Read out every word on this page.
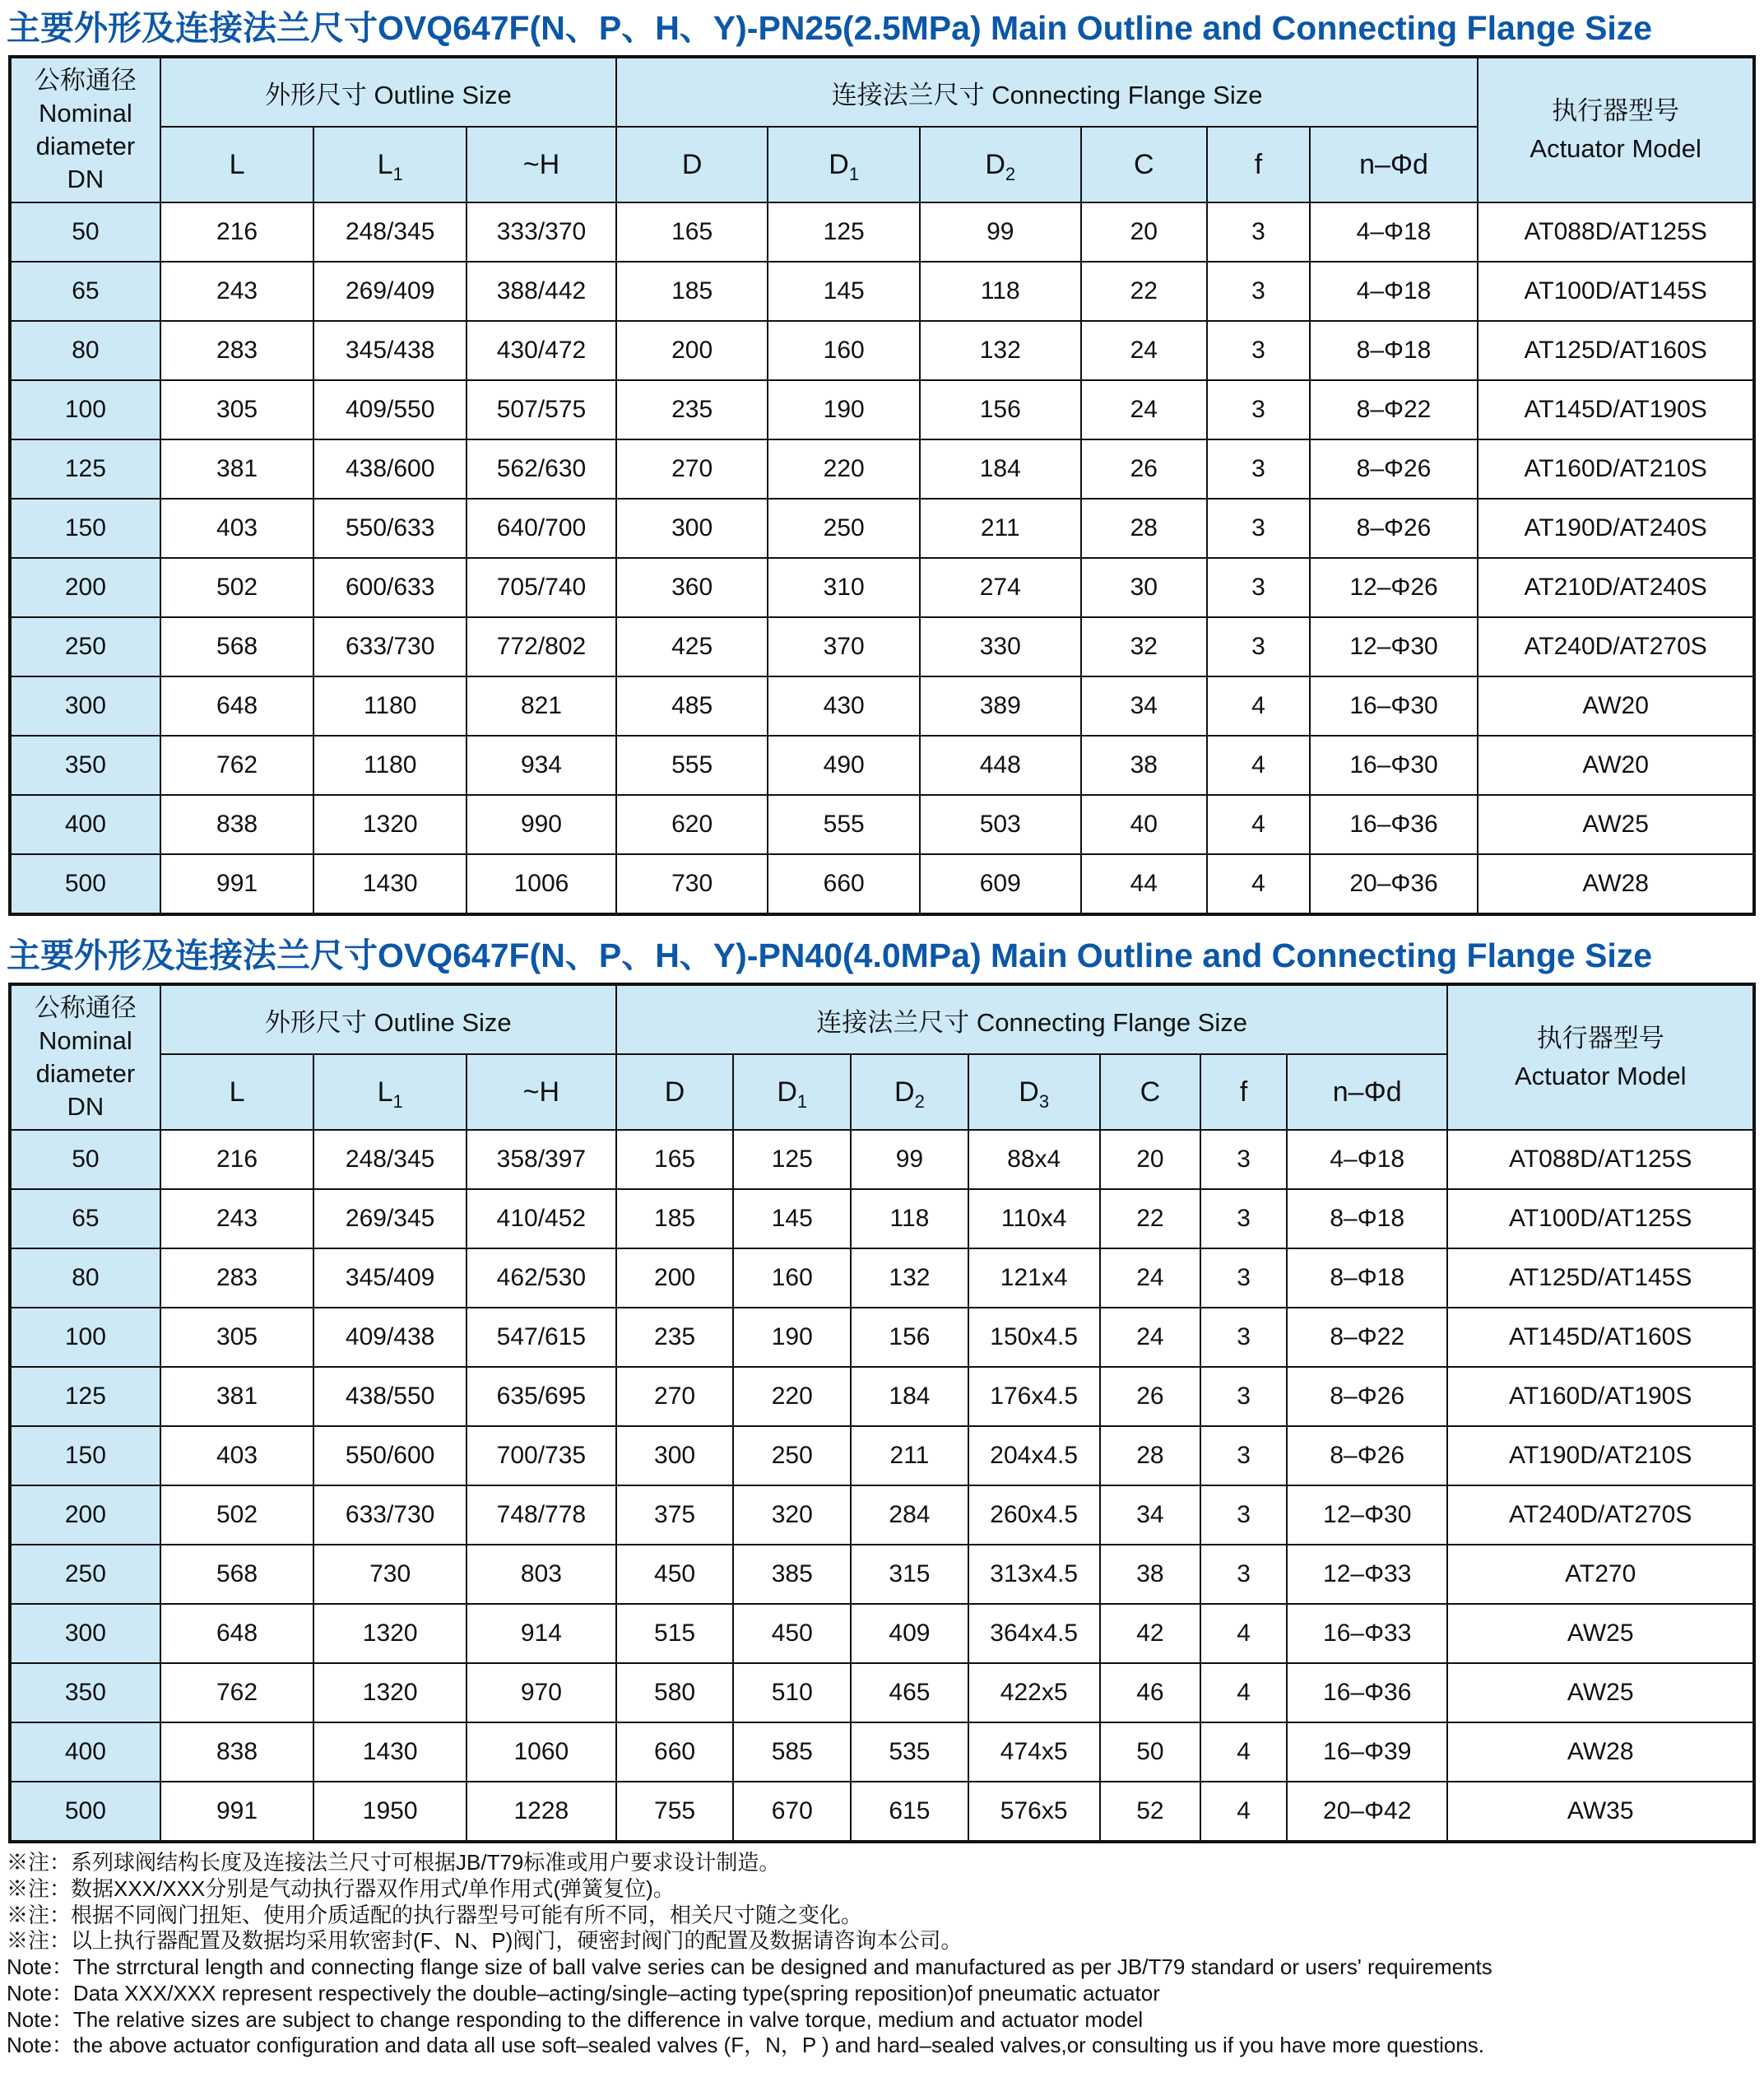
主要外形及连接法兰尺寸OVQ647F(N、P、H、Y)-PN25(2.5MPa) Main Outline and Connecting Flange Size
公称通径
Nominal
diameter
DN	外形尺寸 Outline Size			连接法兰尺寸 Connecting Flange Size						执行器型号
Actuator Model
	L	$L_1$	~H	D	$D_1$	$D_2$	C	f	n–Φd	
50	216	248/345	333/370	165	125	99	20	3	4–Φ18	AT088D/AT125S
65	243	269/409	388/442	185	145	118	22	3	4–Φ18	AT100D/AT145S
80	283	345/438	430/472	200	160	132	24	3	8–Φ18	AT125D/AT160S
100	305	409/550	507/575	235	190	156	24	3	8–Φ22	AT145D/AT190S
125	381	438/600	562/630	270	220	184	26	3	8–Φ26	AT160D/AT210S
150	403	550/633	640/700	300	250	211	28	3	8–Φ26	AT190D/AT240S
200	502	600/633	705/740	360	310	274	30	3	12–Φ26	AT210D/AT240S
250	568	633/730	772/802	425	370	330	32	3	12–Φ30	AT240D/AT270S
300	648	1180	821	485	430	389	34	4	16–Φ30	AW20
350	762	1180	934	555	490	448	38	4	16–Φ30	AW20
400	838	1320	990	620	555	503	40	4	16–Φ36	AW25
500	991	1430	1006	730	660	609	44	4	20–Φ36	AW28
主要外形及连接法兰尺寸OVQ647F(N、P、H、Y)-PN40(4.0MPa) Main Outline and Connecting Flange Size
公称通径
Nominal
diameter
DN	外形尺寸 Outline Size			连接法兰尺寸 Connecting Flange Size							执行器型号
Actuator Model
	L	$L_1$	~H	D	$D_1$	$D_2$	$D_3$	C	f	n–Φd	
50	216	248/345	358/397	165	125	99	88x4	20	3	4–Φ18	AT088D/AT125S
65	243	269/345	410/452	185	145	118	110x4	22	3	8–Φ18	AT100D/AT125S
80	283	345/409	462/530	200	160	132	121x4	24	3	8–Φ18	AT125D/AT145S
100	305	409/438	547/615	235	190	156	150x4.5	24	3	8–Φ22	AT145D/AT160S
125	381	438/550	635/695	270	220	184	176x4.5	26	3	8–Φ26	AT160D/AT190S
150	403	550/600	700/735	300	250	211	204x4.5	28	3	8–Φ26	AT190D/AT210S
200	502	633/730	748/778	375	320	284	260x4.5	34	3	12–Φ30	AT240D/AT270S
250	568	730	803	450	385	315	313x4.5	38	3	12–Φ33	AT270
300	648	1320	914	515	450	409	364x4.5	42	4	16–Φ33	AW25
350	762	1320	970	580	510	465	422x5	46	4	16–Φ36	AW25
400	838	1430	1060	660	585	535	474x5	50	4	16–Φ39	AW28
500	991	1950	1228	755	670	615	576x5	52	4	20–Φ42	AW35
※注：系列球阀结构长度及连接法兰尺寸可根据JB/T79标准或用户要求设计制造。
※注：数据XXX/XXX分别是气动执行器双作用式/单作用式(弹簧复位)。
※注：根据不同阀门扭矩、使用介质适配的执行器型号可能有所不同，相关尺寸随之变化。
※注：以上执行器配置及数据均采用软密封(F、N、P)阀门，硬密封阀门的配置及数据请咨询本公司。
Note：The strrctural length and connecting flange size of ball valve series can be designed and manufactured as per JB/T79 standard or users' requirements
Note：Data XXX/XXX represent respectively the double–acting/single–acting type(spring reposition)of pneumatic actuator
Note：The relative sizes are subject to change responding to the difference in valve torque, medium and actuator model
Note：the above actuator configuration and data all use soft–sealed valves (F，N，P ) and hard–sealed valves,or consulting us if you have more questions.
